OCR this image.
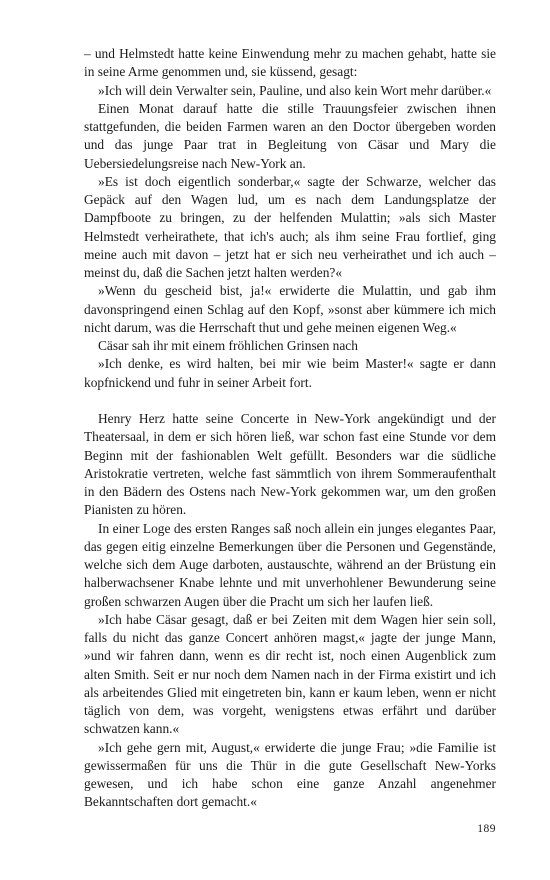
– und Helmstedt hatte keine Einwendung mehr zu machen gehabt, hatte sie in seine Arme genommen und, sie küssend, gesagt:

»Ich will dein Verwalter sein, Pauline, und also kein Wort mehr darüber.«

Einen Monat darauf hatte die stille Trauungsfeier zwischen ihnen stattgefunden, die beiden Farmen waren an den Doctor übergeben worden und das junge Paar trat in Begleitung von Cäsar und Mary die Uebersiedelungsreise nach New-York an.

»Es ist doch eigentlich sonderbar,« sagte der Schwarze, welcher das Gepäck auf den Wagen lud, um es nach dem Landungsplatze der Dampfboote zu bringen, zu der helfenden Mulattin; »als sich Master Helmstedt verheirathete, that ich's auch; als ihm seine Frau fortlief, ging meine auch mit davon – jetzt hat er sich neu verheirathet und ich auch – meinst du, daß die Sachen jetzt halten werden?«

»Wenn du gescheid bist, ja!« erwiderte die Mulattin, und gab ihm davonspringend einen Schlag auf den Kopf, »sonst aber kümmere ich mich nicht darum, was die Herrschaft thut und gehe meinen eigenen Weg.«

Cäsar sah ihr mit einem fröhlichen Grinsen nach

»Ich denke, es wird halten, bei mir wie beim Master!« sagte er dann kopfnickend und fuhr in seiner Arbeit fort.

Henry Herz hatte seine Concerte in New-York angekündigt und der Theatersaal, in dem er sich hören ließ, war schon fast eine Stunde vor dem Beginn mit der fashionablen Welt gefüllt. Besonders war die südliche Aristokratie vertreten, welche fast sämmtlich von ihrem Sommeraufenthalt in den Bädern des Ostens nach New-York gekommen war, um den großen Pianisten zu hören.

In einer Loge des ersten Ranges saß noch allein ein junges elegantes Paar, das gegen eitig einzelne Bemerkungen über die Personen und Gegenstände, welche sich dem Auge darboten, austauschte, während an der Brüstung ein halberwachsener Knabe lehnte und mit unverhohlener Bewunderung seine großen schwarzen Augen über die Pracht um sich her laufen ließ.

»Ich habe Cäsar gesagt, daß er bei Zeiten mit dem Wagen hier sein soll, falls du nicht das ganze Concert anhören magst,« jagte der junge Mann, »und wir fahren dann, wenn es dir recht ist, noch einen Augenblick zum alten Smith. Seit er nur noch dem Namen nach in der Firma existirt und ich als arbeitendes Glied mit eingetreten bin, kann er kaum leben, wenn er nicht täglich von dem, was vorgeht, wenigstens etwas erfährt und darüber schwatzen kann.«

»Ich gehe gern mit, August,« erwiderte die junge Frau; »die Familie ist gewissermaßen für uns die Thür in die gute Gesellschaft New-Yorks gewesen, und ich habe schon eine ganze Anzahl angenehmer Bekanntschaften dort gemacht.«

189
